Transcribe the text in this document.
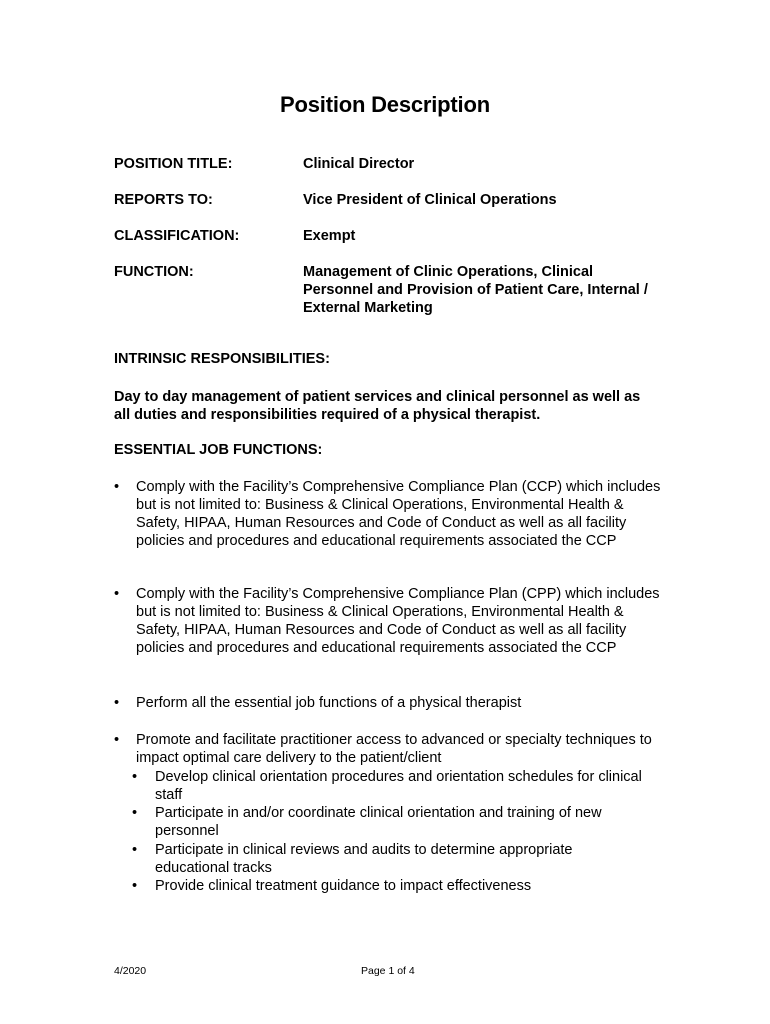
Position Description
POSITION TITLE:	Clinical Director
REPORTS TO:	Vice President of Clinical Operations
CLASSIFICATION:	Exempt
FUNCTION:	Management of Clinic Operations, Clinical Personnel and Provision of Patient Care, Internal / External Marketing
INTRINSIC RESPONSIBILITIES:
Day to day management of patient services and clinical personnel as well as all duties and responsibilities required of a physical therapist.
ESSENTIAL JOB FUNCTIONS:
• Comply with the Facility’s Comprehensive Compliance Plan (CCP) which includes but is not limited to: Business & Clinical Operations, Environmental Health & Safety, HIPAA, Human Resources and Code of Conduct as well as all facility policies and procedures and educational requirements associated the CCP
• Comply with the Facility’s Comprehensive Compliance Plan (CPP) which includes but is not limited to: Business & Clinical Operations, Environmental Health & Safety, HIPAA, Human Resources and Code of Conduct as well as all facility policies and procedures and educational requirements associated the CCP
• Perform all the essential job functions of a physical therapist
• Promote and facilitate practitioner access to advanced or specialty techniques to impact optimal care delivery to the patient/client
• Develop clinical orientation procedures and orientation schedules for clinical staff
• Participate in and/or coordinate clinical orientation and training of new personnel
• Participate in clinical reviews and audits to determine appropriate educational tracks
• Provide clinical treatment guidance to impact effectiveness
4/2020	Page 1 of 4
